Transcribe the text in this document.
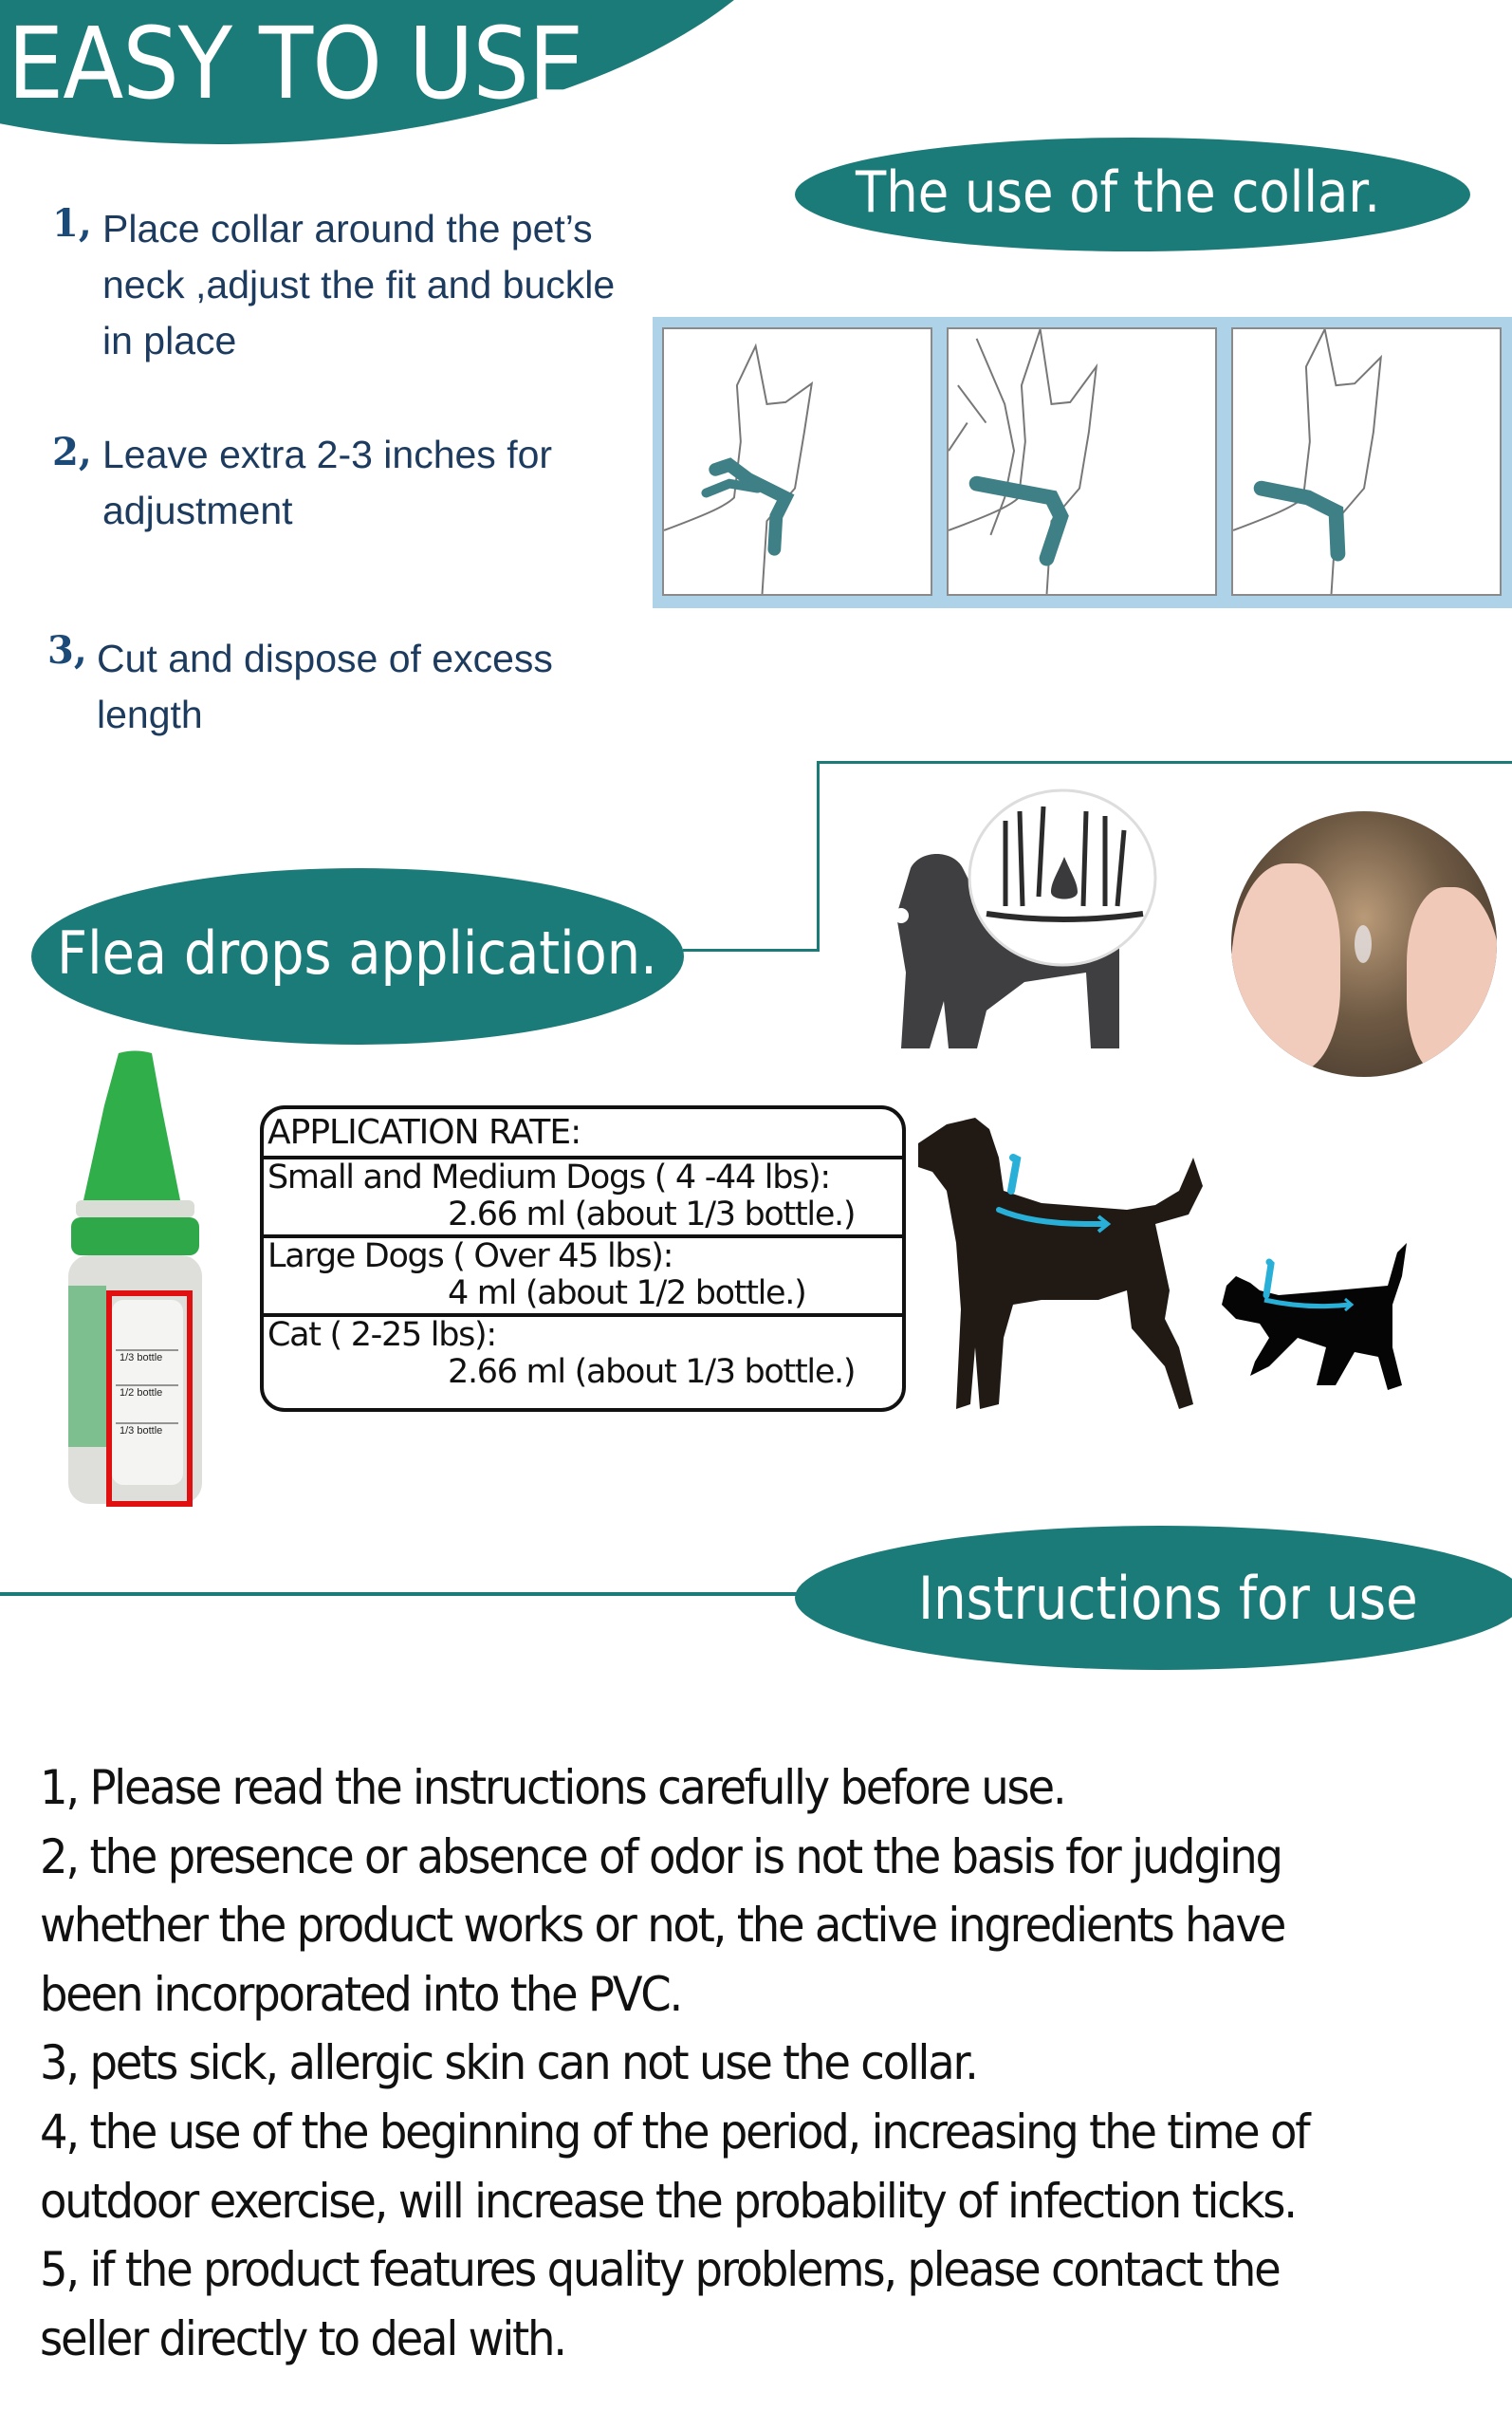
EASY TO USE
The use of the collar.
1, Place collar around the pet’s
neck ,adjust the fit and buckle
in place
2, Leave extra 2-3 inches for
adjustment
3, Cut and dispose of excess
length
Flea drops application.
1/3 bottle
1/2 bottle
1/3 bottle
APPLICATION RATE:
Small and Medium Dogs ( 4 -44 lbs):
2.66 ml (about 1/3 bottle.)
Large Dogs ( Over 45 lbs):
4 ml (about 1/2 bottle.)
Cat ( 2-25 lbs):
2.66 ml (about 1/3 bottle.)
Instructions for use
1, Please read the instructions carefully before use.
2, the presence or absence of odor is not the basis for judging
whether the product works or not, the active ingredients have
been incorporated into the PVC.
3, pets sick, allergic skin can not use the collar.
4, the use of the beginning of the period, increasing the time of
outdoor exercise, will increase the probability of infection ticks.
5, if the product features quality problems, please contact the
seller directly to deal with.
